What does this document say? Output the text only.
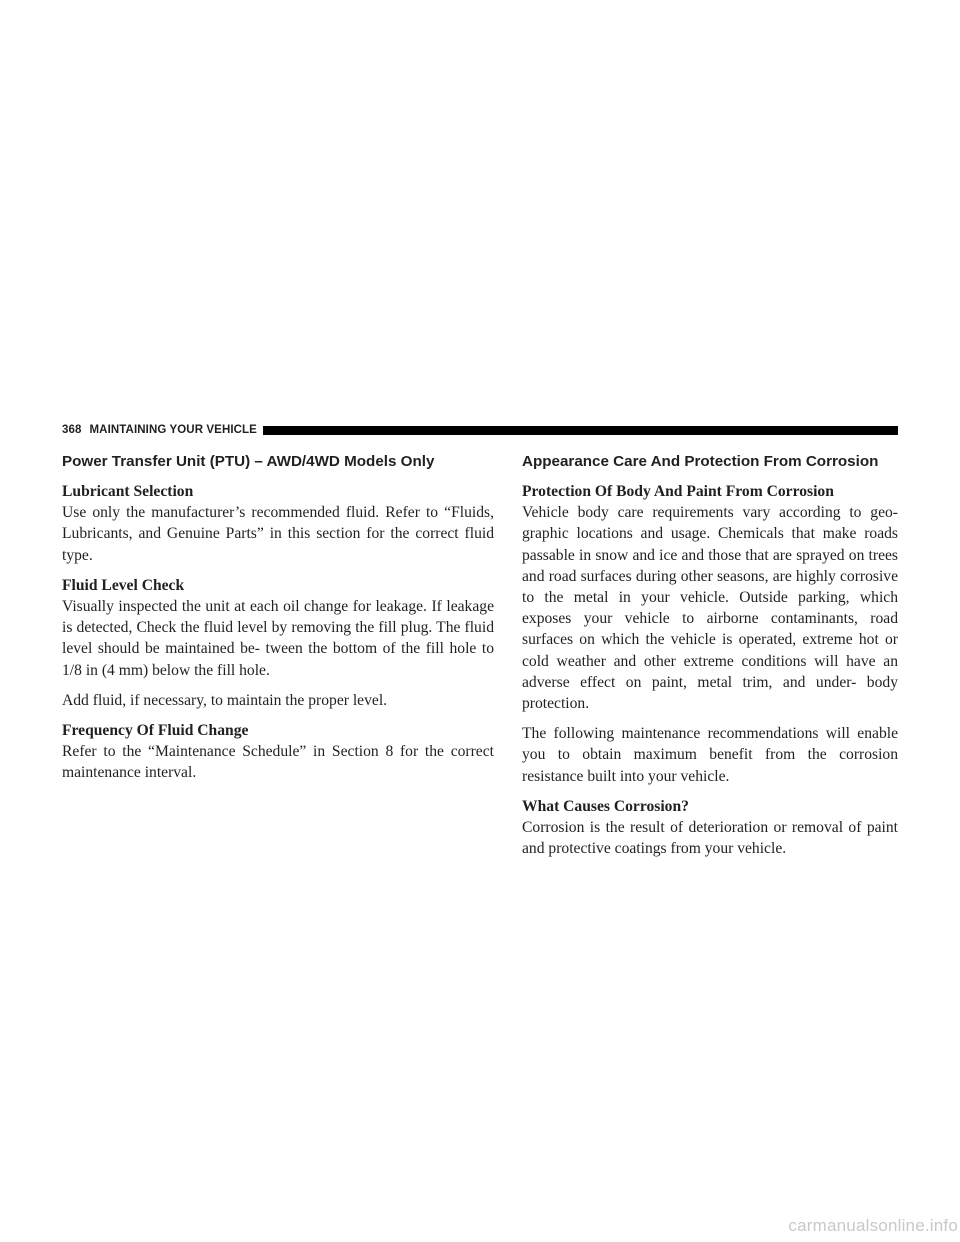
368 MAINTAINING YOUR VEHICLE
Power Transfer Unit (PTU) – AWD/4WD Models Only
Lubricant Selection

Use only the manufacturer’s recommended fluid. Refer to “Fluids, Lubricants, and Genuine Parts” in this section for the correct fluid type.

Fluid Level Check

Visually inspected the unit at each oil change for leakage. If leakage is detected, Check the fluid level by removing the fill plug. The fluid level should be maintained be- tween the bottom of the fill hole to 1/8 in (4 mm) below the fill hole.

Add fluid, if necessary, to maintain the proper level.

Frequency Of Fluid Change

Refer to the “Maintenance Schedule” in Section 8 for the correct maintenance interval.

Appearance Care And Protection From Corrosion
Protection Of Body And Paint From Corrosion

Vehicle body care requirements vary according to geo- graphic locations and usage. Chemicals that make roads passable in snow and ice and those that are sprayed on trees and road surfaces during other seasons, are highly corrosive to the metal in your vehicle. Outside parking, which exposes your vehicle to airborne contaminants, road surfaces on which the vehicle is operated, extreme hot or cold weather and other extreme conditions will have an adverse effect on paint, metal trim, and under- body protection.

The following maintenance recommendations will enable you to obtain maximum benefit from the corrosion resistance built into your vehicle.

What Causes Corrosion?

Corrosion is the result of deterioration or removal of paint and protective coatings from your vehicle.

carmanualsonline.info
